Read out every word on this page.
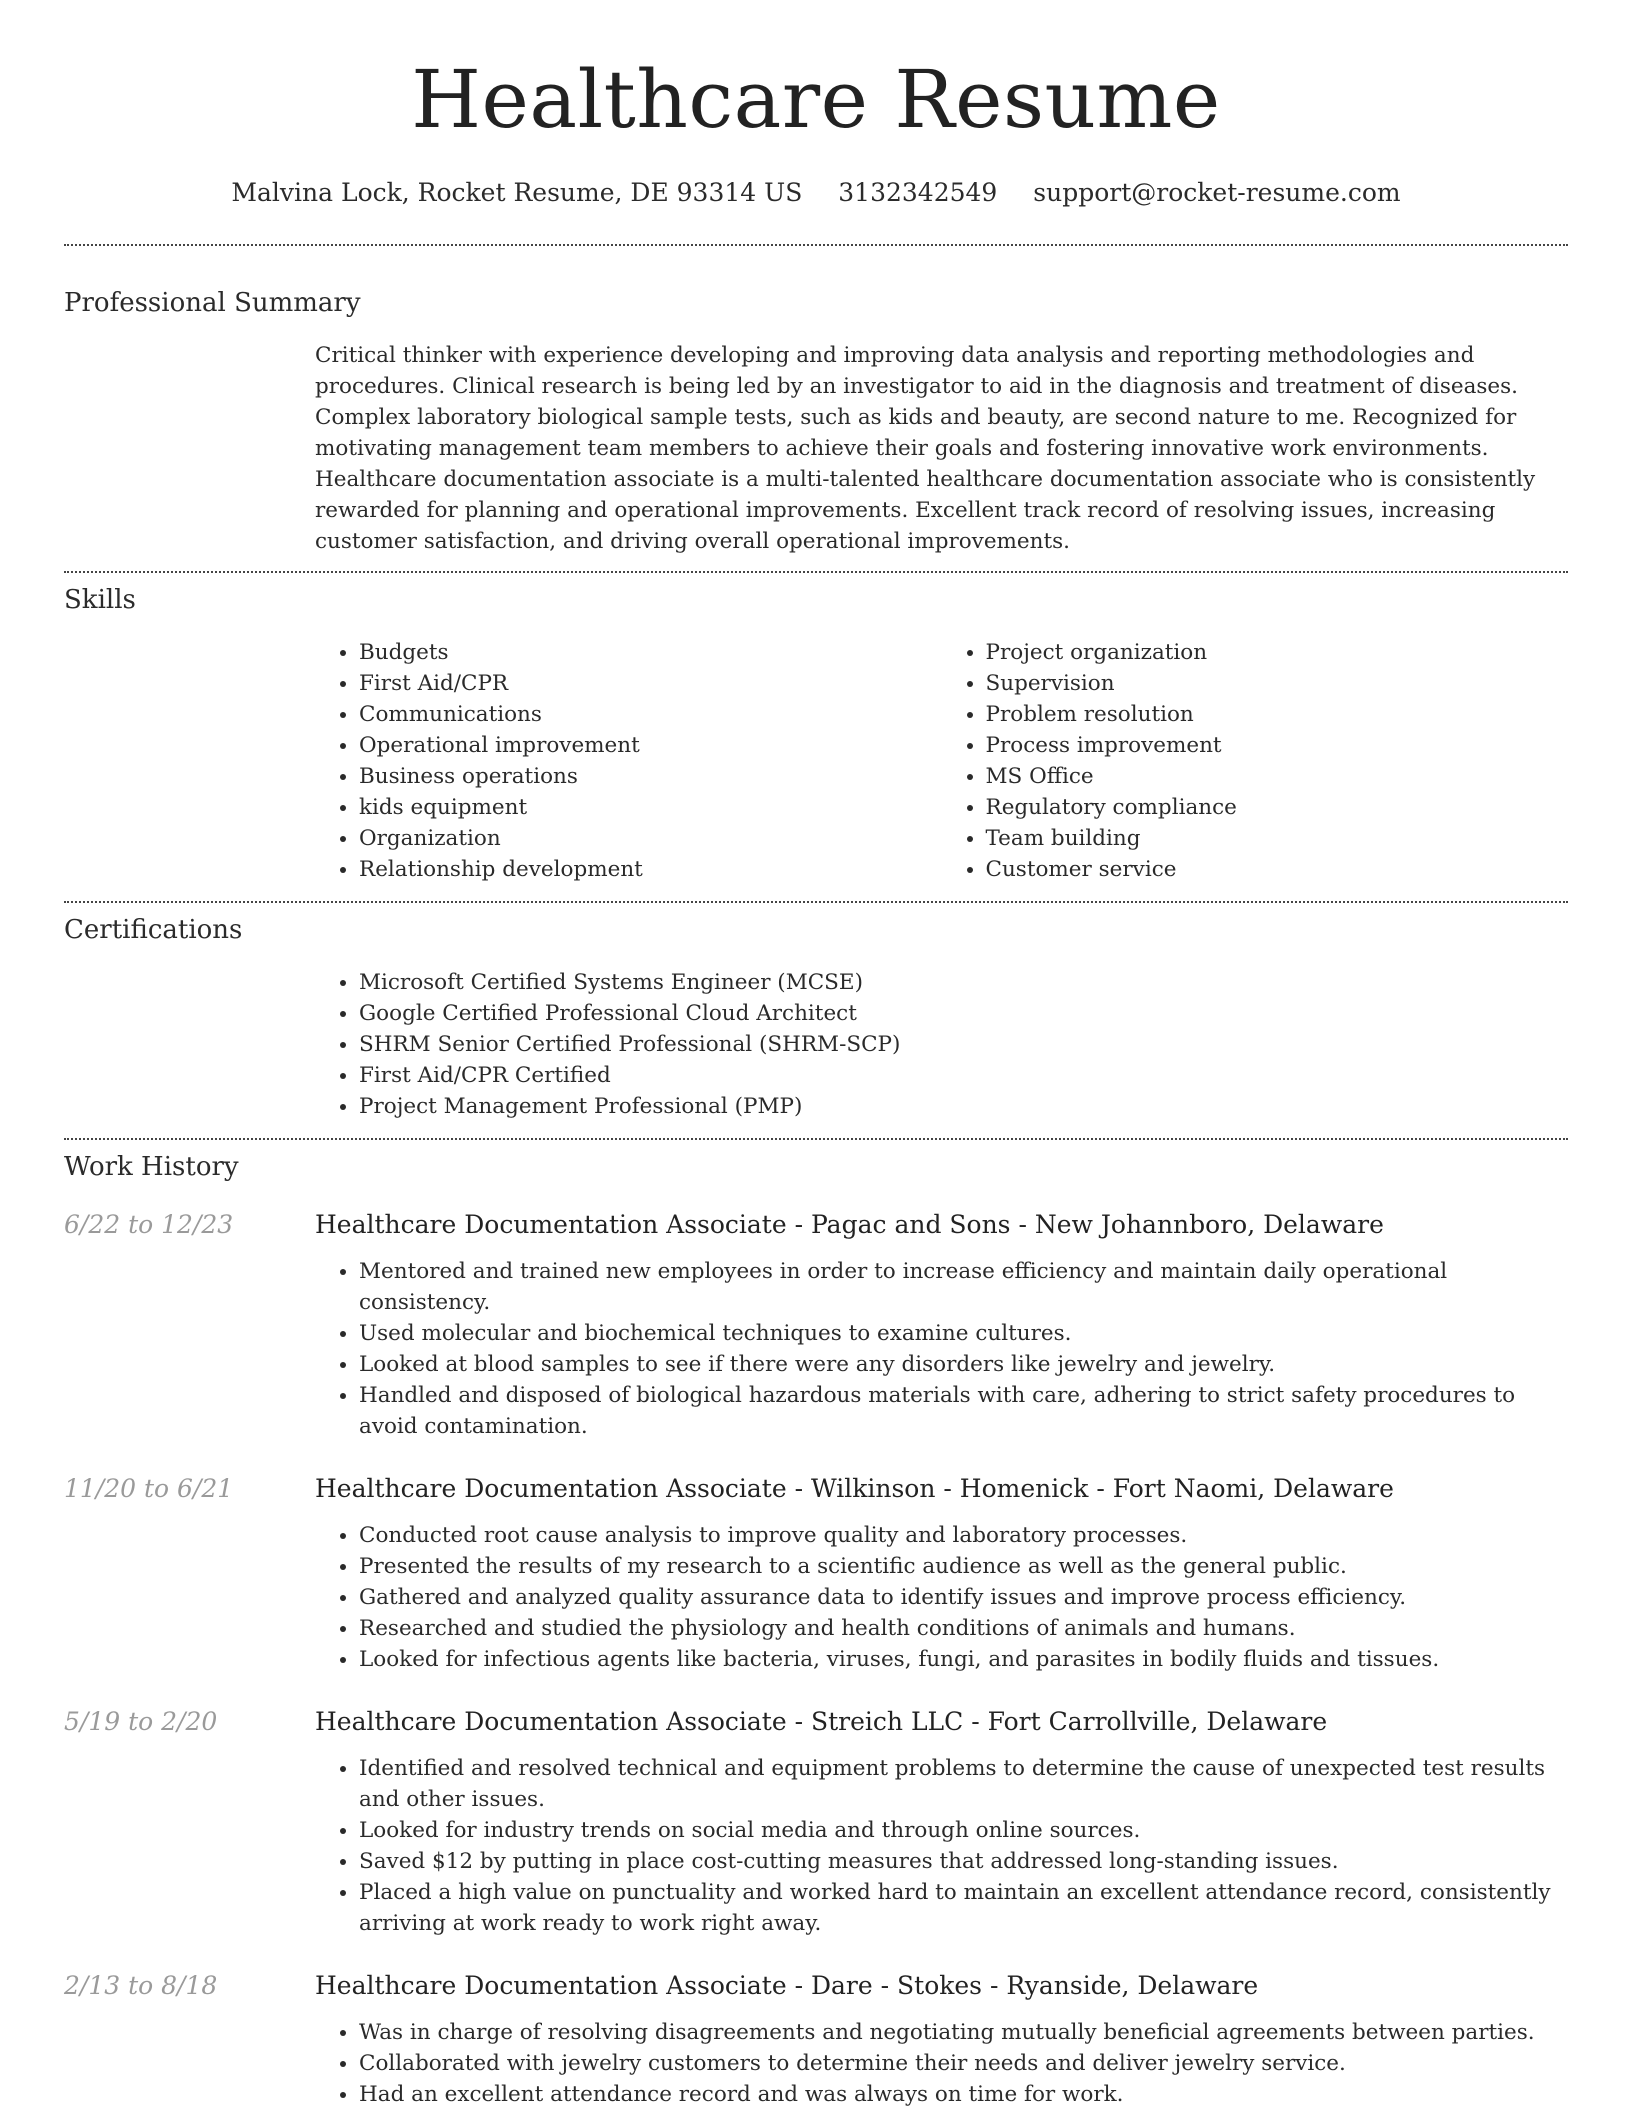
Healthcare Resume
Malvina Lock, Rocket Resume, DE 93314 US 3132342549 support@rocket-resume.com
Professional Summary
Critical thinker with experience developing and improving data analysis and reporting methodologies and procedures. Clinical research is being led by an investigator to aid in the diagnosis and treatment of diseases. Complex laboratory biological sample tests, such as kids and beauty, are second nature to me. Recognized for motivating management team members to achieve their goals and fostering innovative work environments. Healthcare documentation associate is a multi-talented healthcare documentation associate who is consistently rewarded for planning and operational improvements. Excellent track record of resolving issues, increasing customer satisfaction, and driving overall operational improvements.
Skills
• Budgets
• First Aid/CPR
• Communications
• Operational improvement
• Business operations
• kids equipment
• Organization
• Relationship development
• Project organization
• Supervision
• Problem resolution
• Process improvement
• MS Office
• Regulatory compliance
• Team building
• Customer service
Certifications
• Microsoft Certified Systems Engineer (MCSE)
• Google Certified Professional Cloud Architect
• SHRM Senior Certified Professional (SHRM-SCP)
• First Aid/CPR Certified
• Project Management Professional (PMP)
Work History
6/22 to 12/23	Healthcare Documentation Associate - Pagac and Sons - New Johannboro, Delaware
• Mentored and trained new employees in order to increase efficiency and maintain daily operational consistency.
• Used molecular and biochemical techniques to examine cultures.
• Looked at blood samples to see if there were any disorders like jewelry and jewelry.
• Handled and disposed of biological hazardous materials with care, adhering to strict safety procedures to avoid contamination.
11/20 to 6/21	Healthcare Documentation Associate - Wilkinson - Homenick - Fort Naomi, Delaware
• Conducted root cause analysis to improve quality and laboratory processes.
• Presented the results of my research to a scientific audience as well as the general public.
• Gathered and analyzed quality assurance data to identify issues and improve process efficiency.
• Researched and studied the physiology and health conditions of animals and humans.
• Looked for infectious agents like bacteria, viruses, fungi, and parasites in bodily fluids and tissues.
5/19 to 2/20	Healthcare Documentation Associate - Streich LLC - Fort Carrollville, Delaware
• Identified and resolved technical and equipment problems to determine the cause of unexpected test results and other issues.
• Looked for industry trends on social media and through online sources.
• Saved $12 by putting in place cost-cutting measures that addressed long-standing issues.
• Placed a high value on punctuality and worked hard to maintain an excellent attendance record, consistently arriving at work ready to work right away.
2/13 to 8/18	Healthcare Documentation Associate - Dare - Stokes - Ryanside, Delaware
• Was in charge of resolving disagreements and negotiating mutually beneficial agreements between parties.
• Collaborated with jewelry customers to determine their needs and deliver jewelry service.
• Had an excellent attendance record and was always on time for work.
